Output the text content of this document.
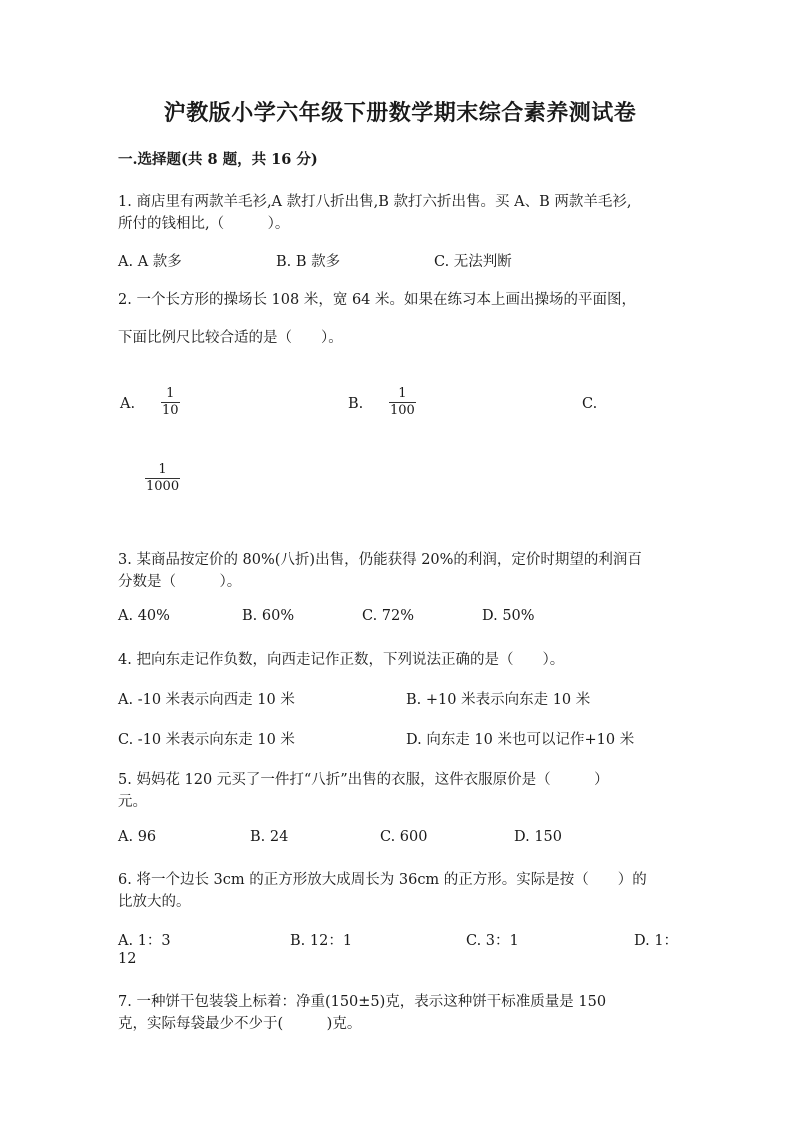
沪教版小学六年级下册数学期末综合素养测试卷
一.选择题(共 8 题，共 16 分)
1. 商店里有两款羊毛衫,A 款打八折出售,B 款打六折出售。买 A、B 两款羊毛衫,
所付的钱相比,（　　　）。
A. A 款多	B. B 款多	C. 无法判断
2. 一个长方形的操场长 108 米，宽 64 米。如果在练习本上画出操场的平面图，
下面比例尺比较合适的是（　　）。
A.
1
10	B.
1
100	C.
1
1000
3. 某商品按定价的 80%(八折)出售，仍能获得 20%的利润，定价时期望的利润百
分数是（　　　）。
A. 40%	B. 60%	C. 72%	D. 50%
4. 把向东走记作负数，向西走记作正数，下列说法正确的是（　　）。
A. -10 米表示向西走 10 米	B. +10 米表示向东走 10 米
C. -10 米表示向东走 10 米	D. 向东走 10 米也可以记作+10 米
5. 妈妈花 120 元买了一件打“八折”出售的衣服，这件衣服原价是（　　　）
元。
A. 96	B. 24	C. 600	D. 150
6. 将一个边长 3cm 的正方形放大成周长为 36cm 的正方形。实际是按（　　）的
比放大的。
A. 1：3	B. 12：1	C. 3：1	D. 1：
12
7. 一种饼干包装袋上标着：净重(150±5)克，表示这种饼干标准质量是 150
克，实际每袋最少不少于(　　　)克。
